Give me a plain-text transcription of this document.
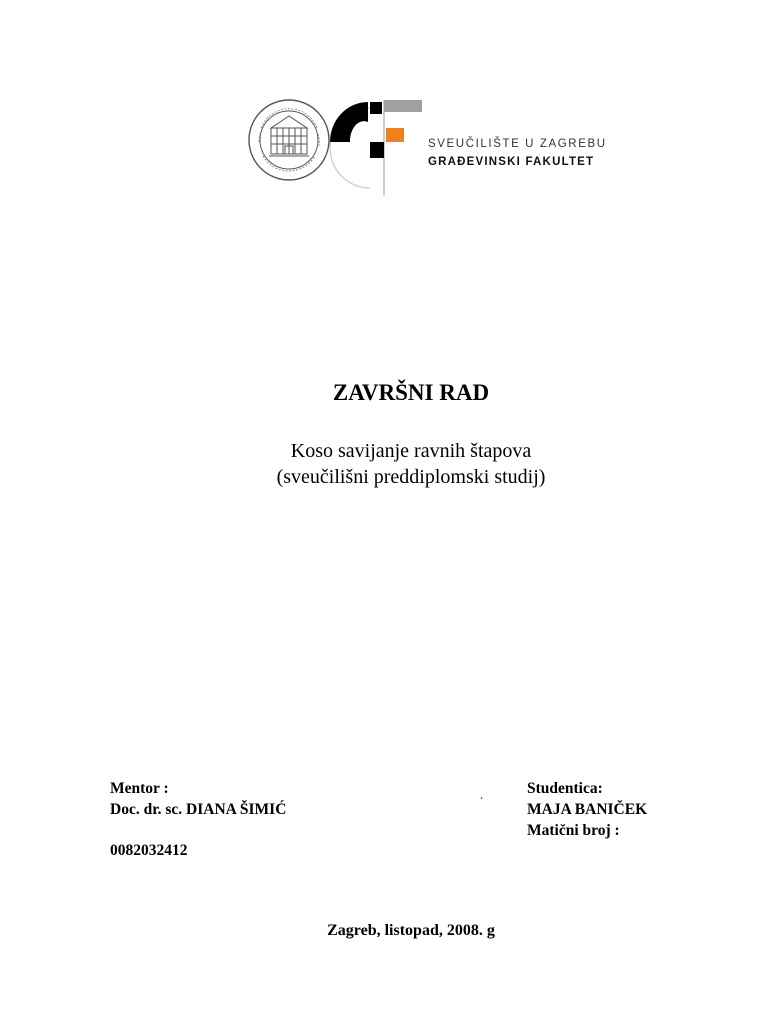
SVEUČILIŠTE U ZAGREBU
GRAĐEVINSKI FAKULTET
ZAVRŠNI RAD
Koso savijanje ravnih štapova
(sveučilišni preddiplomski studij)
Mentor :
Doc. dr. sc. DIANA ŠIMIĆ
¸	Studentica:
MAJA BANIČEK
Matični broj :
0082032412
Zagreb, listopad, 2008. g
